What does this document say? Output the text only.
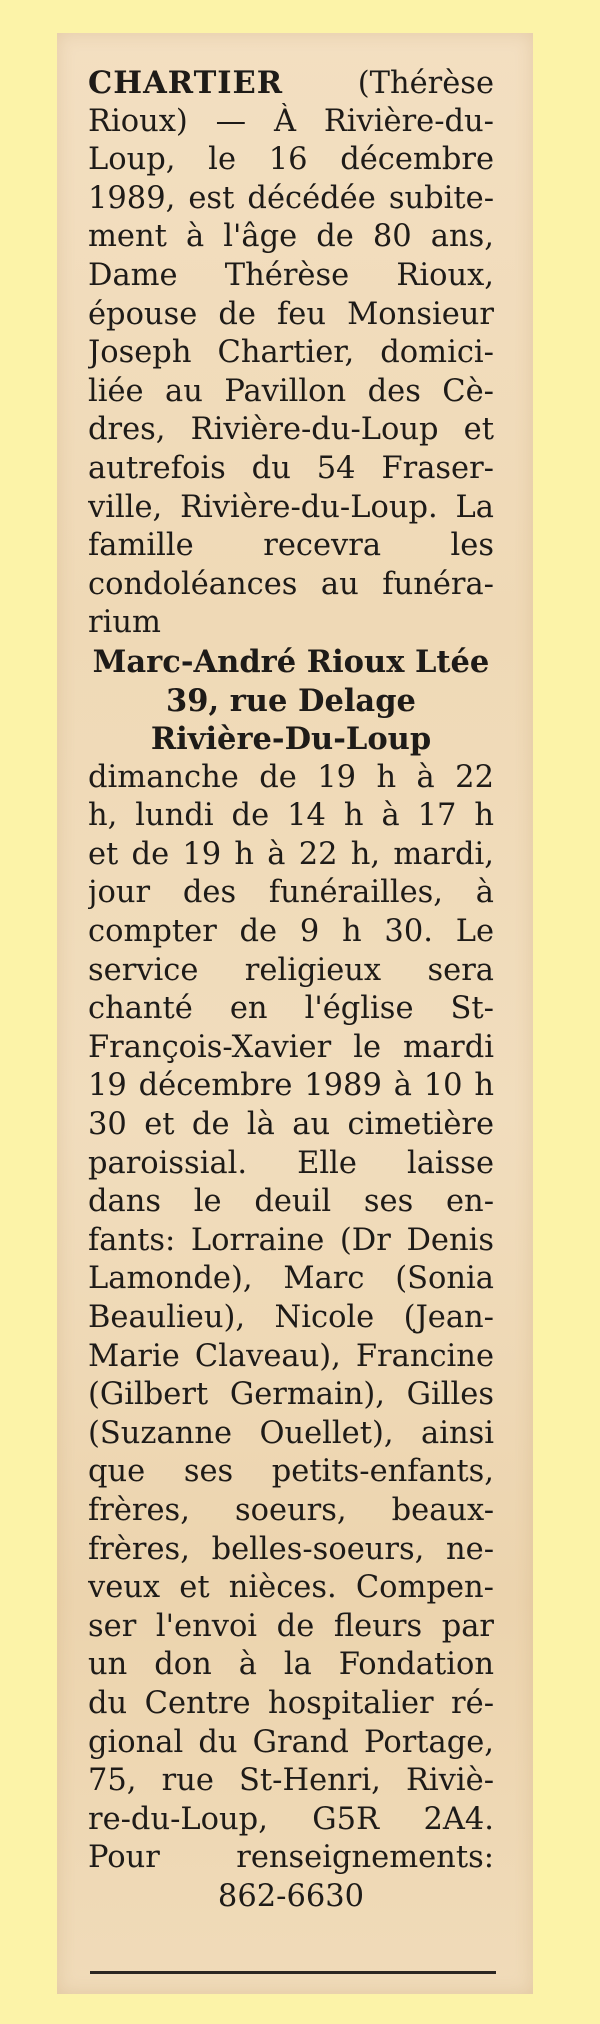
CHARTIER (Thérèse
Rioux) — À Rivière-du-
Loup, le 16 décembre
1989, est décédée subite-
ment à l'âge de 80 ans,
Dame Thérèse Rioux,
épouse de feu Monsieur
Joseph Chartier, domici-
liée au Pavillon des Cè-
dres, Rivière-du-Loup et
autrefois du 54 Fraser-
ville, Rivière-du-Loup. La
famille recevra les
condoléances au funéra-
rium
Marc-André Rioux Ltée
39, rue Delage
Rivière-Du-Loup
dimanche de 19 h à 22
h, lundi de 14 h à 17 h
et de 19 h à 22 h, mardi,
jour des funérailles, à
compter de 9 h 30. Le
service religieux sera
chanté en l'église St-
François-Xavier le mardi
19 décembre 1989 à 10 h
30 et de là au cimetière
paroissial. Elle laisse
dans le deuil ses en-
fants: Lorraine (Dr Denis
Lamonde), Marc (Sonia
Beaulieu), Nicole (Jean-
Marie Claveau), Francine
(Gilbert Germain), Gilles
(Suzanne Ouellet), ainsi
que ses petits-enfants,
frères, soeurs, beaux-
frères, belles-soeurs, ne-
veux et nièces. Compen-
ser l'envoi de fleurs par
un don à la Fondation
du Centre hospitalier ré-
gional du Grand Portage,
75, rue St-Henri, Riviè-
re-du-Loup, G5R 2A4.
Pour renseignements:
862-6630
